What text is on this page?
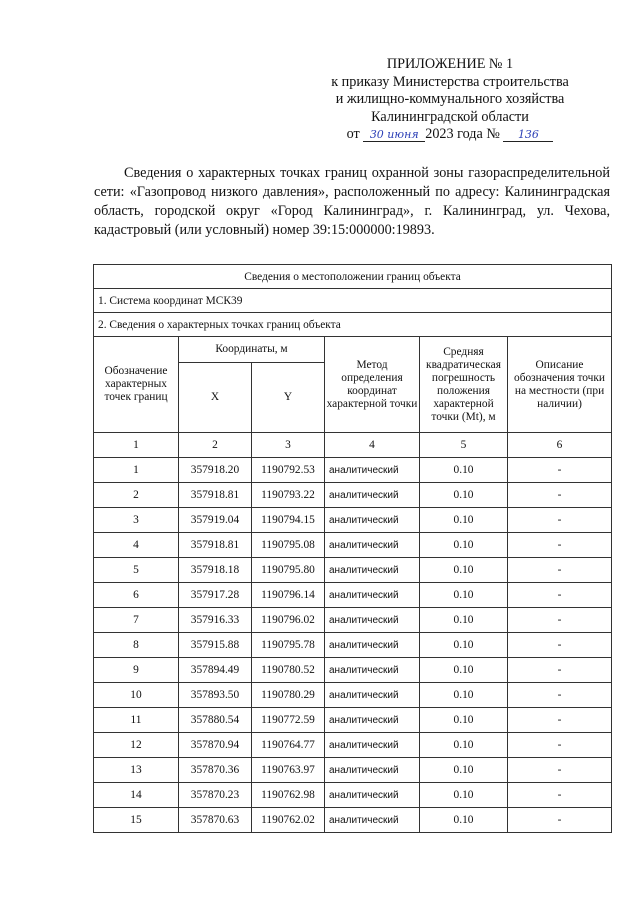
ПРИЛОЖЕНИЕ № 1
к приказу Министерства строительства
и жилищно-коммунального хозяйства
Калининградской области
от 30 июня 2023 года № 136
Сведения о характерных точках границ охранной зоны газораспределительной сети: «Газопровод низкого давления», расположенный по адресу: Калининградская область, городской округ «Город Калининград», г. Калининград, ул. Чехова, кадастровый (или условный) номер 39:15:000000:19893.
Сведения о местоположении границ объекта					
1. Система координат МСК39					
2. Сведения о характерных точках границ объекта					
Обозначение характерных точек границ	Координаты, м		Метод определения координат характерной точки	Средняя квадратическая погрешность положения характерной точки (Mt), м	Описание обозначения точки на местности (при наличии)
	X	Y			
1	2	3	4	5	6
1	357918.20	1190792.53	аналитический	0.10	-
2	357918.81	1190793.22	аналитический	0.10	-
3	357919.04	1190794.15	аналитический	0.10	-
4	357918.81	1190795.08	аналитический	0.10	-
5	357918.18	1190795.80	аналитический	0.10	-
6	357917.28	1190796.14	аналитический	0.10	-
7	357916.33	1190796.02	аналитический	0.10	-
8	357915.88	1190795.78	аналитический	0.10	-
9	357894.49	1190780.52	аналитический	0.10	-
10	357893.50	1190780.29	аналитический	0.10	-
11	357880.54	1190772.59	аналитический	0.10	-
12	357870.94	1190764.77	аналитический	0.10	-
13	357870.36	1190763.97	аналитический	0.10	-
14	357870.23	1190762.98	аналитический	0.10	-
15	357870.63	1190762.02	аналитический	0.10	-
